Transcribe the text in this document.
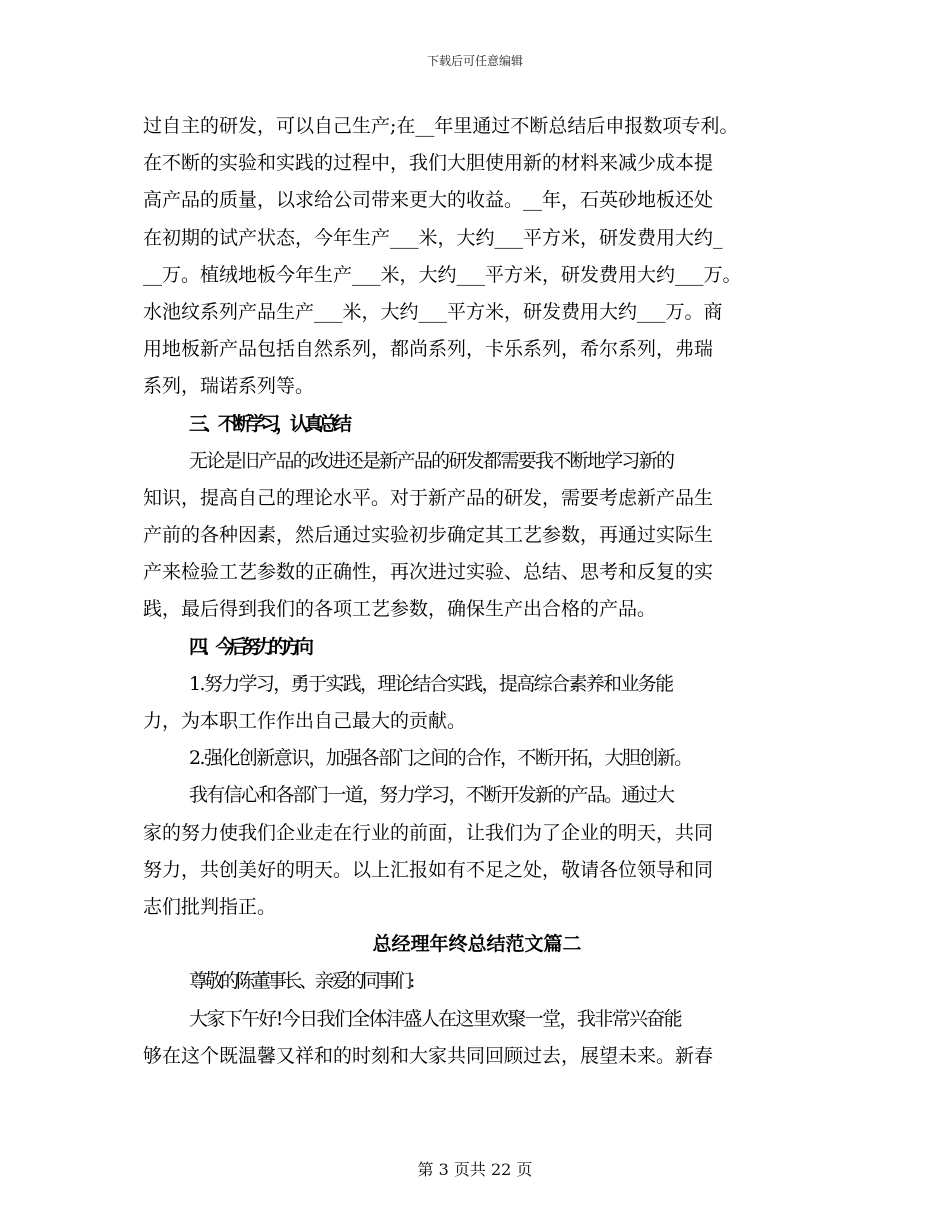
下载后可任意编辑
过自主的研发，可以自己生产;在__年里通过不断总结后申报数项专利。
在不断的实验和实践的过程中，我们大胆使用新的材料来减少成本提
高产品的质量，以求给公司带来更大的收益。__年，石英砂地板还处
在初期的试产状态，今年生产___米，大约___平方米，研发费用大约_
__万。植绒地板今年生产___米，大约___平方米，研发费用大约___万。
水池纹系列产品生产___米，大约___平方米，研发费用大约___万。商
用地板新产品包括自然系列，都尚系列，卡乐系列，希尔系列，弗瑞
系列，瑞诺系列等。
三、不断学习，认真总结
无论是旧产品的改进还是新产品的研发都需要我不断地学习新的
知识，提高自己的理论水平。对于新产品的研发，需要考虑新产品生
产前的各种因素，然后通过实验初步确定其工艺参数，再通过实际生
产来检验工艺参数的正确性，再次进过实验、总结、思考和反复的实
践，最后得到我们的各项工艺参数，确保生产出合格的产品。
四、今后努力的方向
1.努力学习，勇于实践，理论结合实践，提高综合素养和业务能
力，为本职工作作出自己最大的贡献。
2.强化创新意识，加强各部门之间的合作，不断开拓，大胆创新。
我有信心和各部门一道，努力学习，不断开发新的产品。通过大
家的努力使我们企业走在行业的前面，让我们为了企业的明天，共同
努力，共创美好的明天。以上汇报如有不足之处，敬请各位领导和同
志们批判指正。
总经理年终总结范文篇二
尊敬的陈董事长、亲爱的同事们:
大家下午好!今日我们全体沣盛人在这里欢聚一堂，我非常兴奋能
够在这个既温馨又祥和的时刻和大家共同回顾过去，展望未来。新春
第 3 页共 22 页
